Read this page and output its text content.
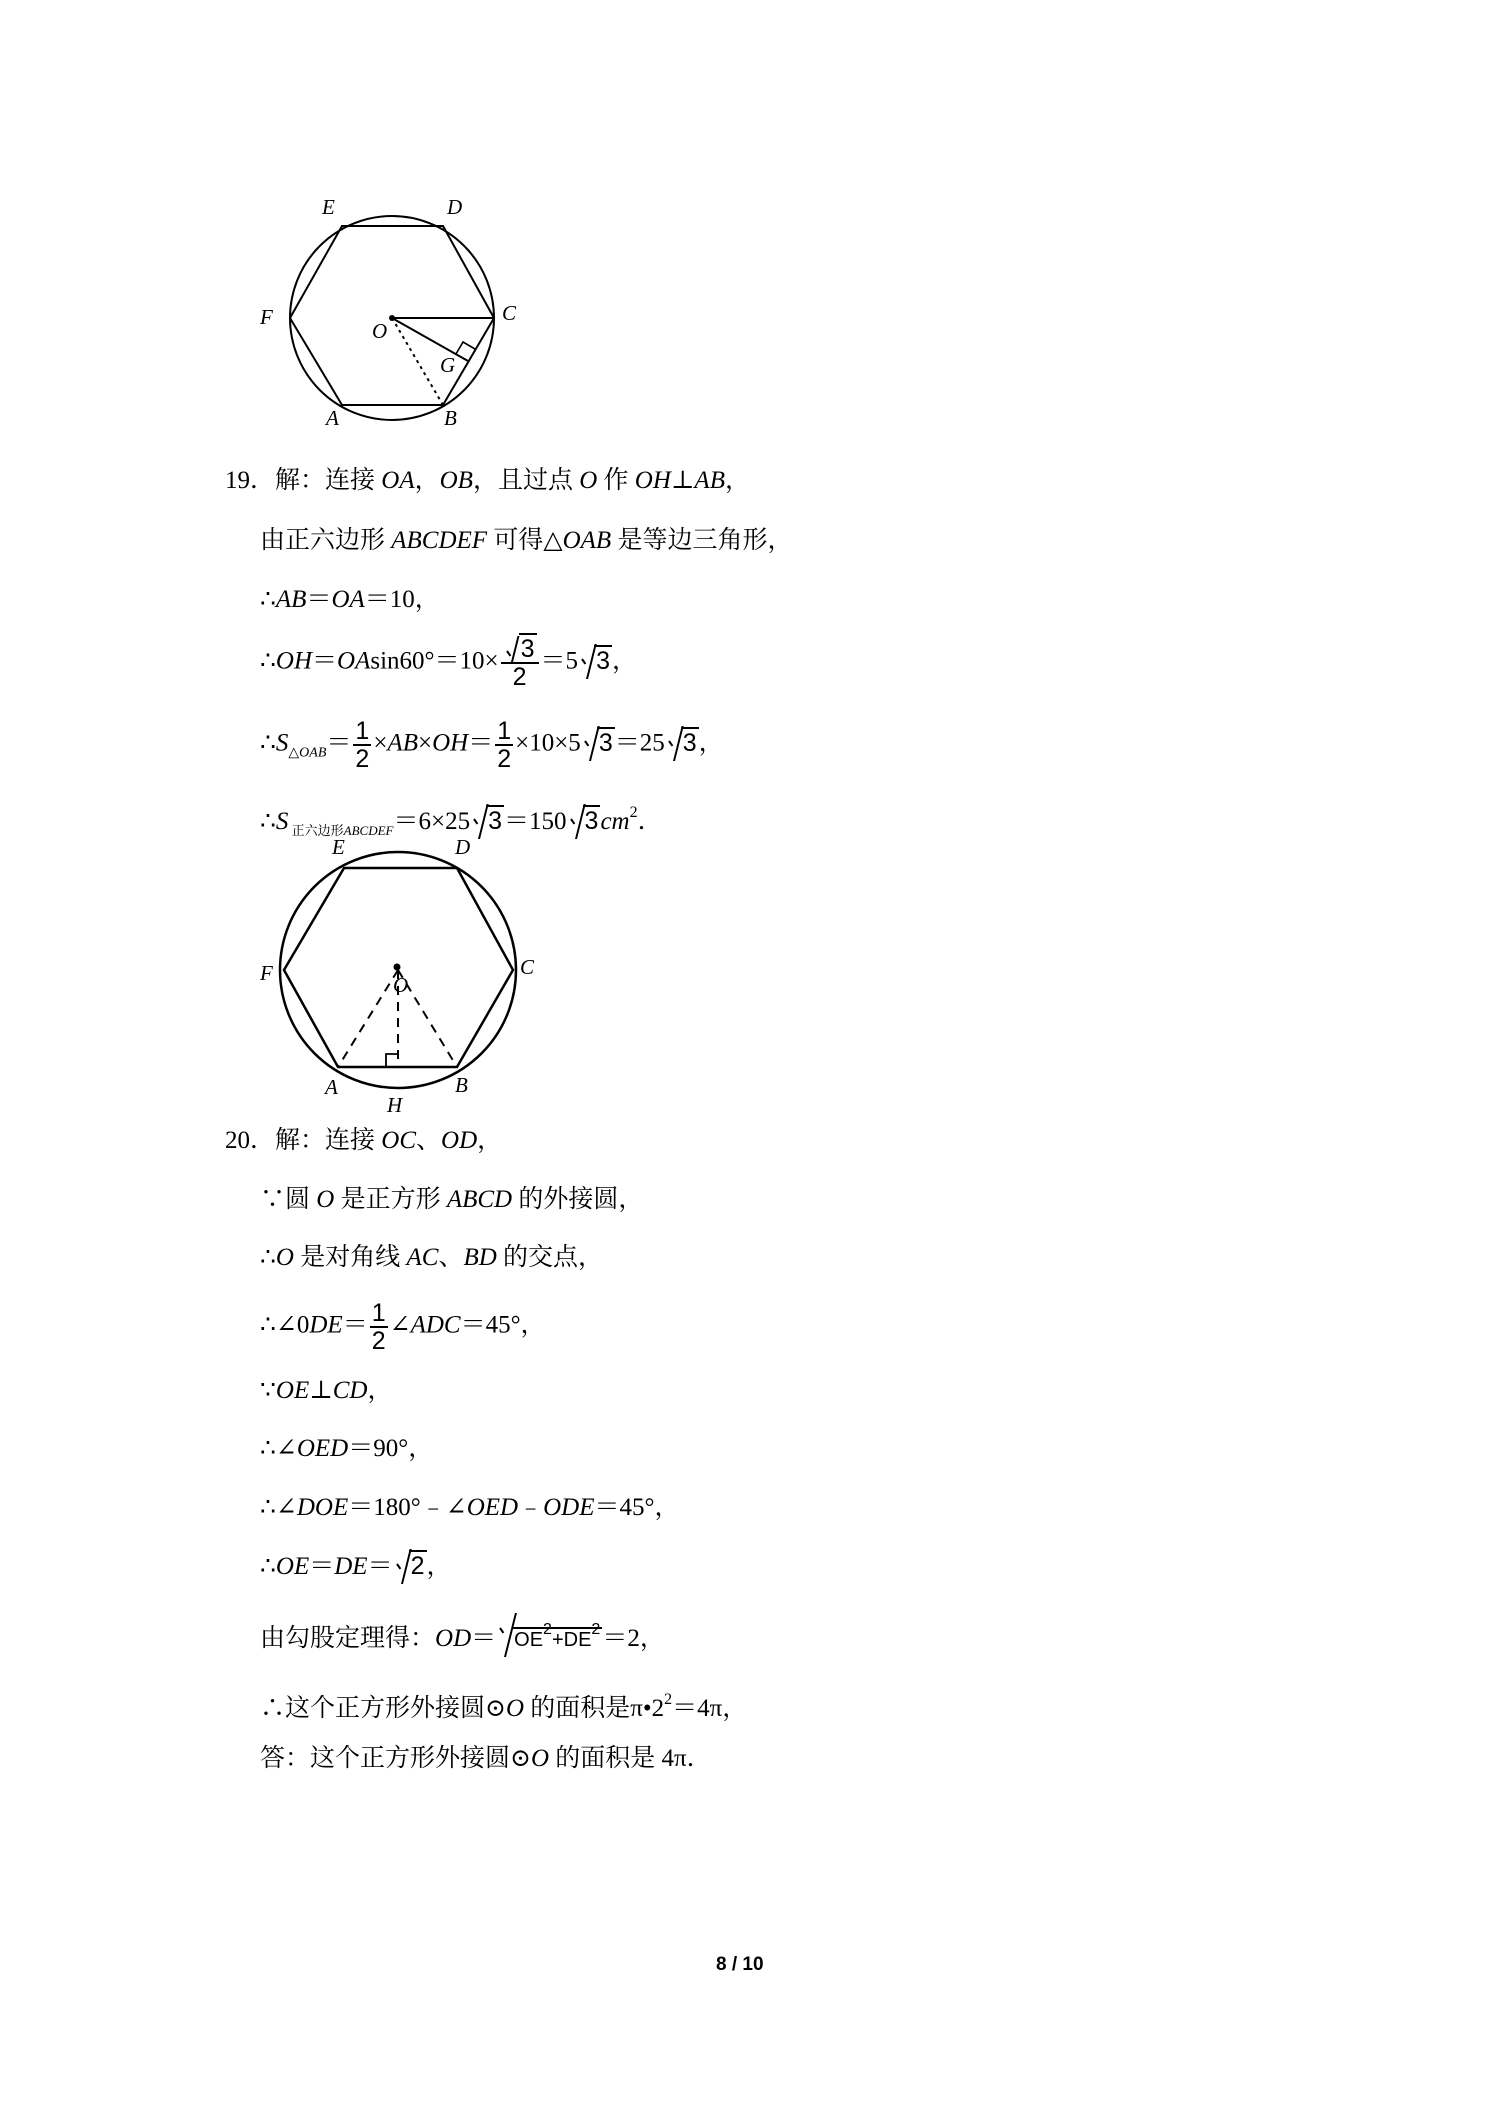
E	D
F	C
O
G
A	B
19．解：连接 OA，OB，且过点 O 作 OH⊥AB，
由正六边形 ABCDEF 可得△OAB 是等边三角形，
∴AB＝OA＝10，
∴OH＝OAsin60°＝10× $\frac{3}{2} =5$ 3，
$\therefore S_{\triangle OAB}= \frac{1}{2} \times AB\times OH= \frac{1}{2} \times 10\times 5$ 3＝25 3，
∴S $_{正六边形ABCDEF}$＝6×25 3＝150 $3cm^2$．
E	D
F	C
O
A	B
H
20．解：连接 OC、OD，
∵圆 O 是正方形 ABCD 的外接圆，
∴O 是对角线 AC、BD 的交点，
∴∠0DE＝ $\frac{1}{2}$ ∠ADC＝45°，
∵OE⊥CD，
∴∠OED＝90°，
∴∠DOE＝180°﹣∠OED﹣ODE＝45°，
∴OE＝DE＝ 2，
由勾股定理得：$OD= OE^2+DE^2=2$，
∴这个正方形外接圆⊙O 的面积是$\pi•2^2=4\pi$，
答：这个正方形外接圆⊙O 的面积是 4π．
8 / 10
